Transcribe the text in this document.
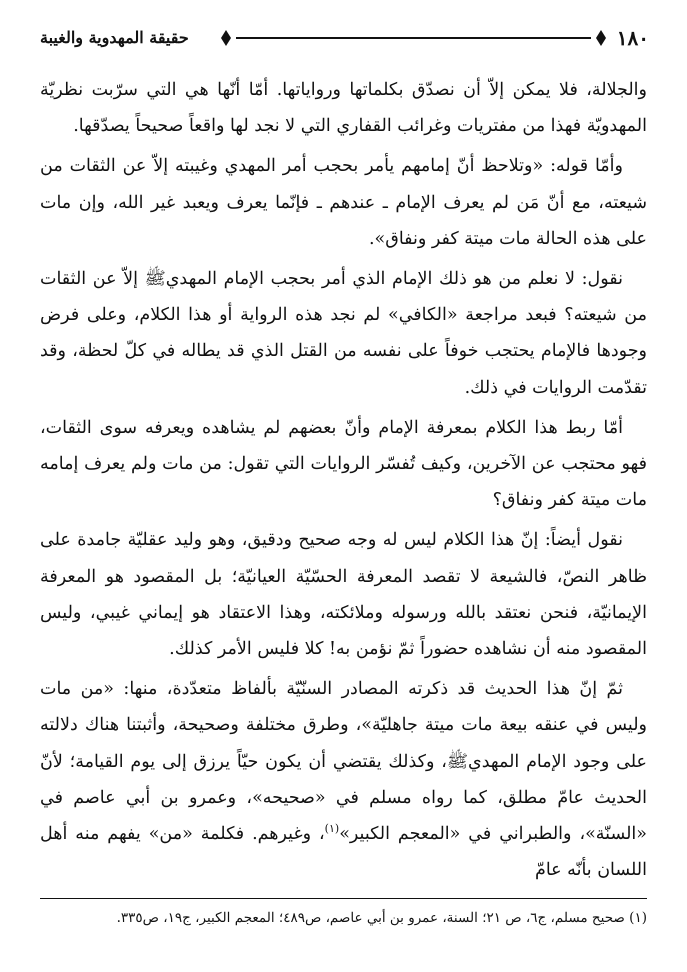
١٨٠
حقيقة المهدوية والغيبة

والجلالة، فلا يمكن إلاّ أن نصدّق بكلماتها ورواياتها. أمّا أنّها هي التي سرّبت نظريّة المهدويّة فهذا من مفتريات وغرائب القفاري التي لا نجد لها واقعاً صحيحاً يصدّقها.

وأمّا قوله: «وتلاحظ أنّ إمامهم يأمر بحجب أمر المهدي وغيبته إلاّ عن الثقات من شيعته، مع أنّ مَن لم يعرف الإمام ـ عندهم ـ فإنّما يعرف ويعبد غير الله، وإن مات على هذه الحالة مات ميتة كفر ونفاق».

نقول: لا نعلم من هو ذلك الإمام الذي أمر بحجب الإمام المهدي‏ﷺ إلاّ عن الثقات من شيعته؟ فبعد مراجعة «الكافي» لم نجد هذه الرواية أو هذا الكلام، وعلى فرض وجودها فالإمام يحتجب خوفاً على نفسه من القتل الذي قد يطاله في كلّ لحظة، وقد تقدّمت الروايات في ذلك.

أمّا ربط هذا الكلام بمعرفة الإمام وأنّ بعضهم لم يشاهده ويعرفه سوى الثقات، فهو محتجب عن الآخرين، وكيف تُفسّر الروايات التي تقول: من مات ولم يعرف إمامه مات ميتة كفر ونفاق؟

نقول أيضاً: إنّ هذا الكلام ليس له وجه صحيح ودقيق، وهو وليد عقليّة جامدة على ظاهر النصّ، فالشيعة لا تقصد المعرفة الحسّيّة العيانيّة؛ بل المقصود هو المعرفة الإيمانيّة، فنحن نعتقد بالله ورسوله وملائكته، وهذا الاعتقاد هو إيماني غيبي، وليس المقصود منه أن نشاهده حضوراً ثمّ نؤمن به! كلا فليس الأمر كذلك.

ثمّ إنّ هذا الحديث قد ذكرته المصادر السنّيّة بألفاظ متعدّدة، منها: «من مات وليس في عنقه بيعة مات ميتة جاهليّة»، وطرق مختلفة وصحيحة، وأثبتنا هناك دلالته على وجود الإمام المهدي‏ﷺ، وكذلك يقتضي أن يكون حيّاً يرزق إلى يوم القيامة؛ لأنّ الحديث عامّ مطلق، كما رواه مسلم في «صحيحه»، وعمرو بن أبي عاصم في «السنّة»، والطبراني في «المعجم الكبير»$^{(١)}$، وغيرهم. فكلمة «من» يفهم منه أهل اللسان بأنّه عامّ

(١) صحيح مسلم، ج٦، ص ٢١؛ السنة، عمرو بن أبي عاصم، ص٤٨٩؛ المعجم الكبير، ج١٩، ص٣٣٥.
